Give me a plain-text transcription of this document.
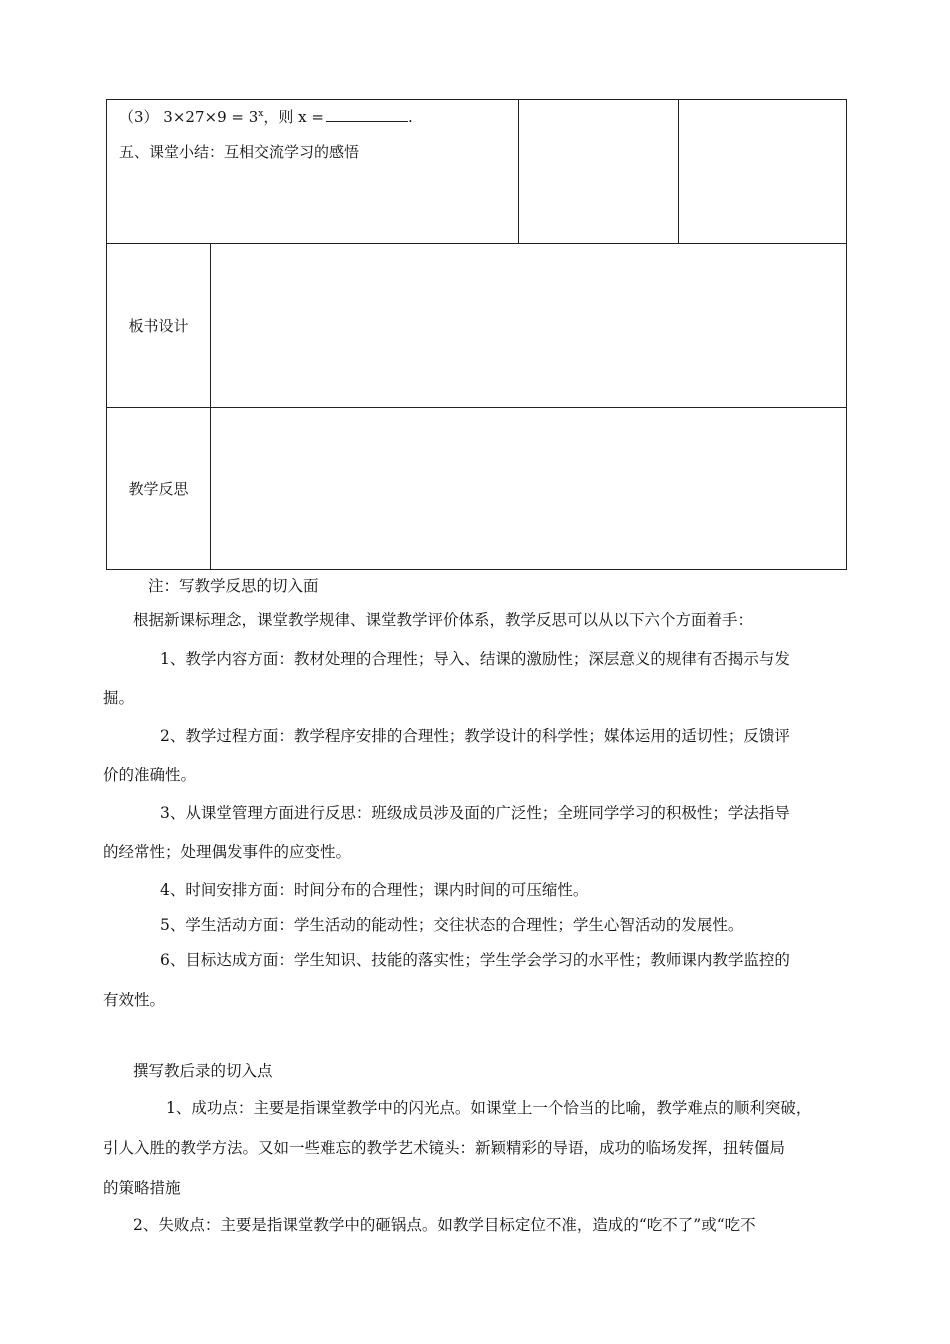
（3） $3\times 27\times 9 = 3^x$，则 x =	.
五、课堂小结：互相交流学习的感悟
板书设计
教学反思
注：写教学反思的切入面
根据新课标理念，课堂教学规律、课堂教学评价体系，教学反思可以从以下六个方面着手：
1、教学内容方面：教材处理的合理性；导入、结课的激励性；深层意义的规律有否揭示与发
掘。
2、教学过程方面：教学程序安排的合理性；教学设计的科学性；媒体运用的适切性；反馈评
价的准确性。
3、从课堂管理方面进行反思：班级成员涉及面的广泛性；全班同学学习的积极性；学法指导
的经常性；处理偶发事件的应变性。
4、时间安排方面：时间分布的合理性；课内时间的可压缩性。
5、学生活动方面：学生活动的能动性；交往状态的合理性；学生心智活动的发展性。
6、目标达成方面：学生知识、技能的落实性；学生学会学习的水平性；教师课内教学监控的
有效性。
撰写教后录的切入点
1、成功点：主要是指课堂教学中的闪光点。如课堂上一个恰当的比喻，教学难点的顺利突破，
引人入胜的教学方法。又如一些难忘的教学艺术镜头：新颖精彩的导语，成功的临场发挥，扭转僵局
的策略措施
2、失败点：主要是指课堂教学中的砸锅点。如教学目标定位不准，造成的“吃不了”或“吃不
